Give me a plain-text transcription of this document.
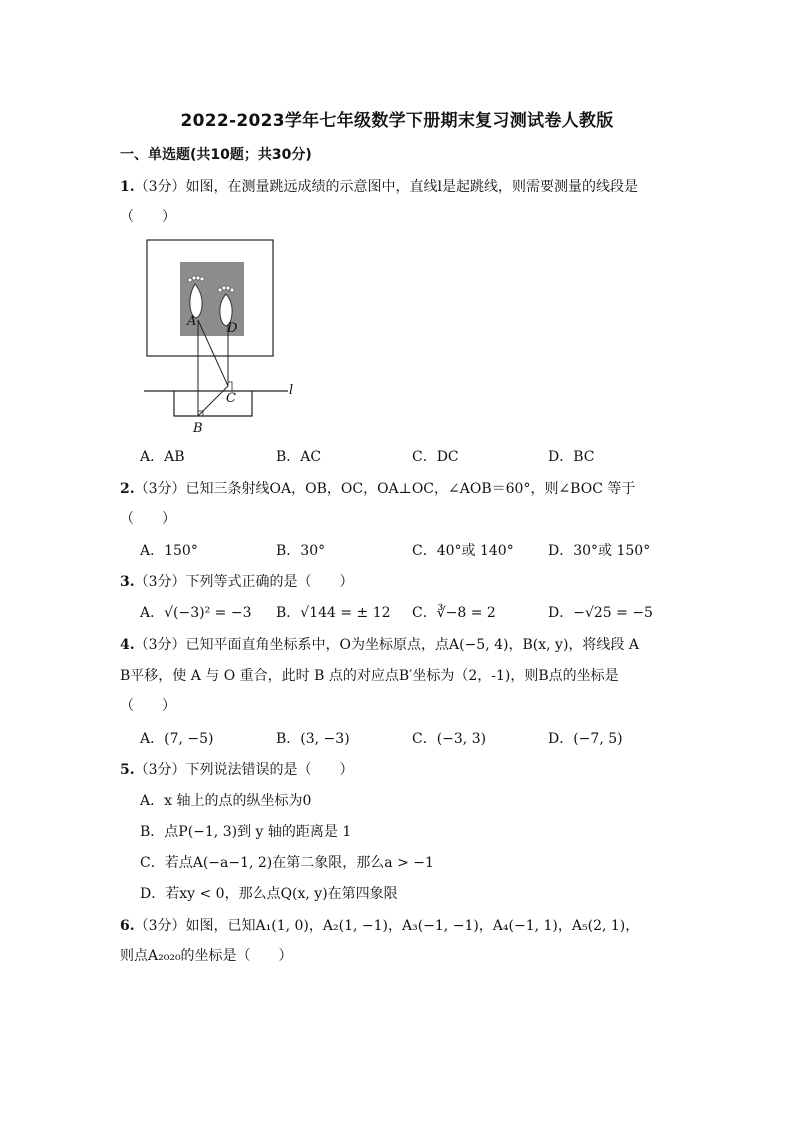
2022-2023学年七年级数学下册期末复习测试卷人教版
一、单选题(共10题；共30分)
1.（3分）如图，在测量跳远成绩的示意图中，直线l是起跳线，则需要测量的线段是
（　　）
A D
C
B
l
A．AB	B．AC	C．DC	D．BC
2.（3分）已知三条射线OA，OB，OC，OA⊥OC，∠AOB＝60°，则∠BOC 等于
（　　）
A．150°	B．30°	C．40°或 140° D．30°或 150°
3.（3分）下列等式正确的是（　　）
A．√(−3)² = −3 B．√144 = ± 12 C．∛−8 = 2	D．−√25 = −5
4.（3分）已知平面直角坐标系中，O为坐标原点，点A(−5, 4)，B(x, y)，将线段 A
B平移，使 A 与 O 重合，此时 B 点的对应点B′坐标为（2，-1)，则B点的坐标是
（　　）
A．(7, −5)	B．(3, −3)	C．(−3, 3)	D．(−7, 5)
5.（3分）下列说法错误的是（　　）
A．x 轴上的点的纵坐标为0
B．点P(−1, 3)到 y 轴的距离是 1
C．若点A(−a−1, 2)在第二象限，那么a > −1
D．若xy < 0，那么点Q(x, y)在第四象限
6.（3分）如图，已知A₁(1, 0)，A₂(1, −1)，A₃(−1, −1)，A₄(−1, 1)，A₅(2, 1)，
则点A₂₀₂₀的坐标是（　　）
